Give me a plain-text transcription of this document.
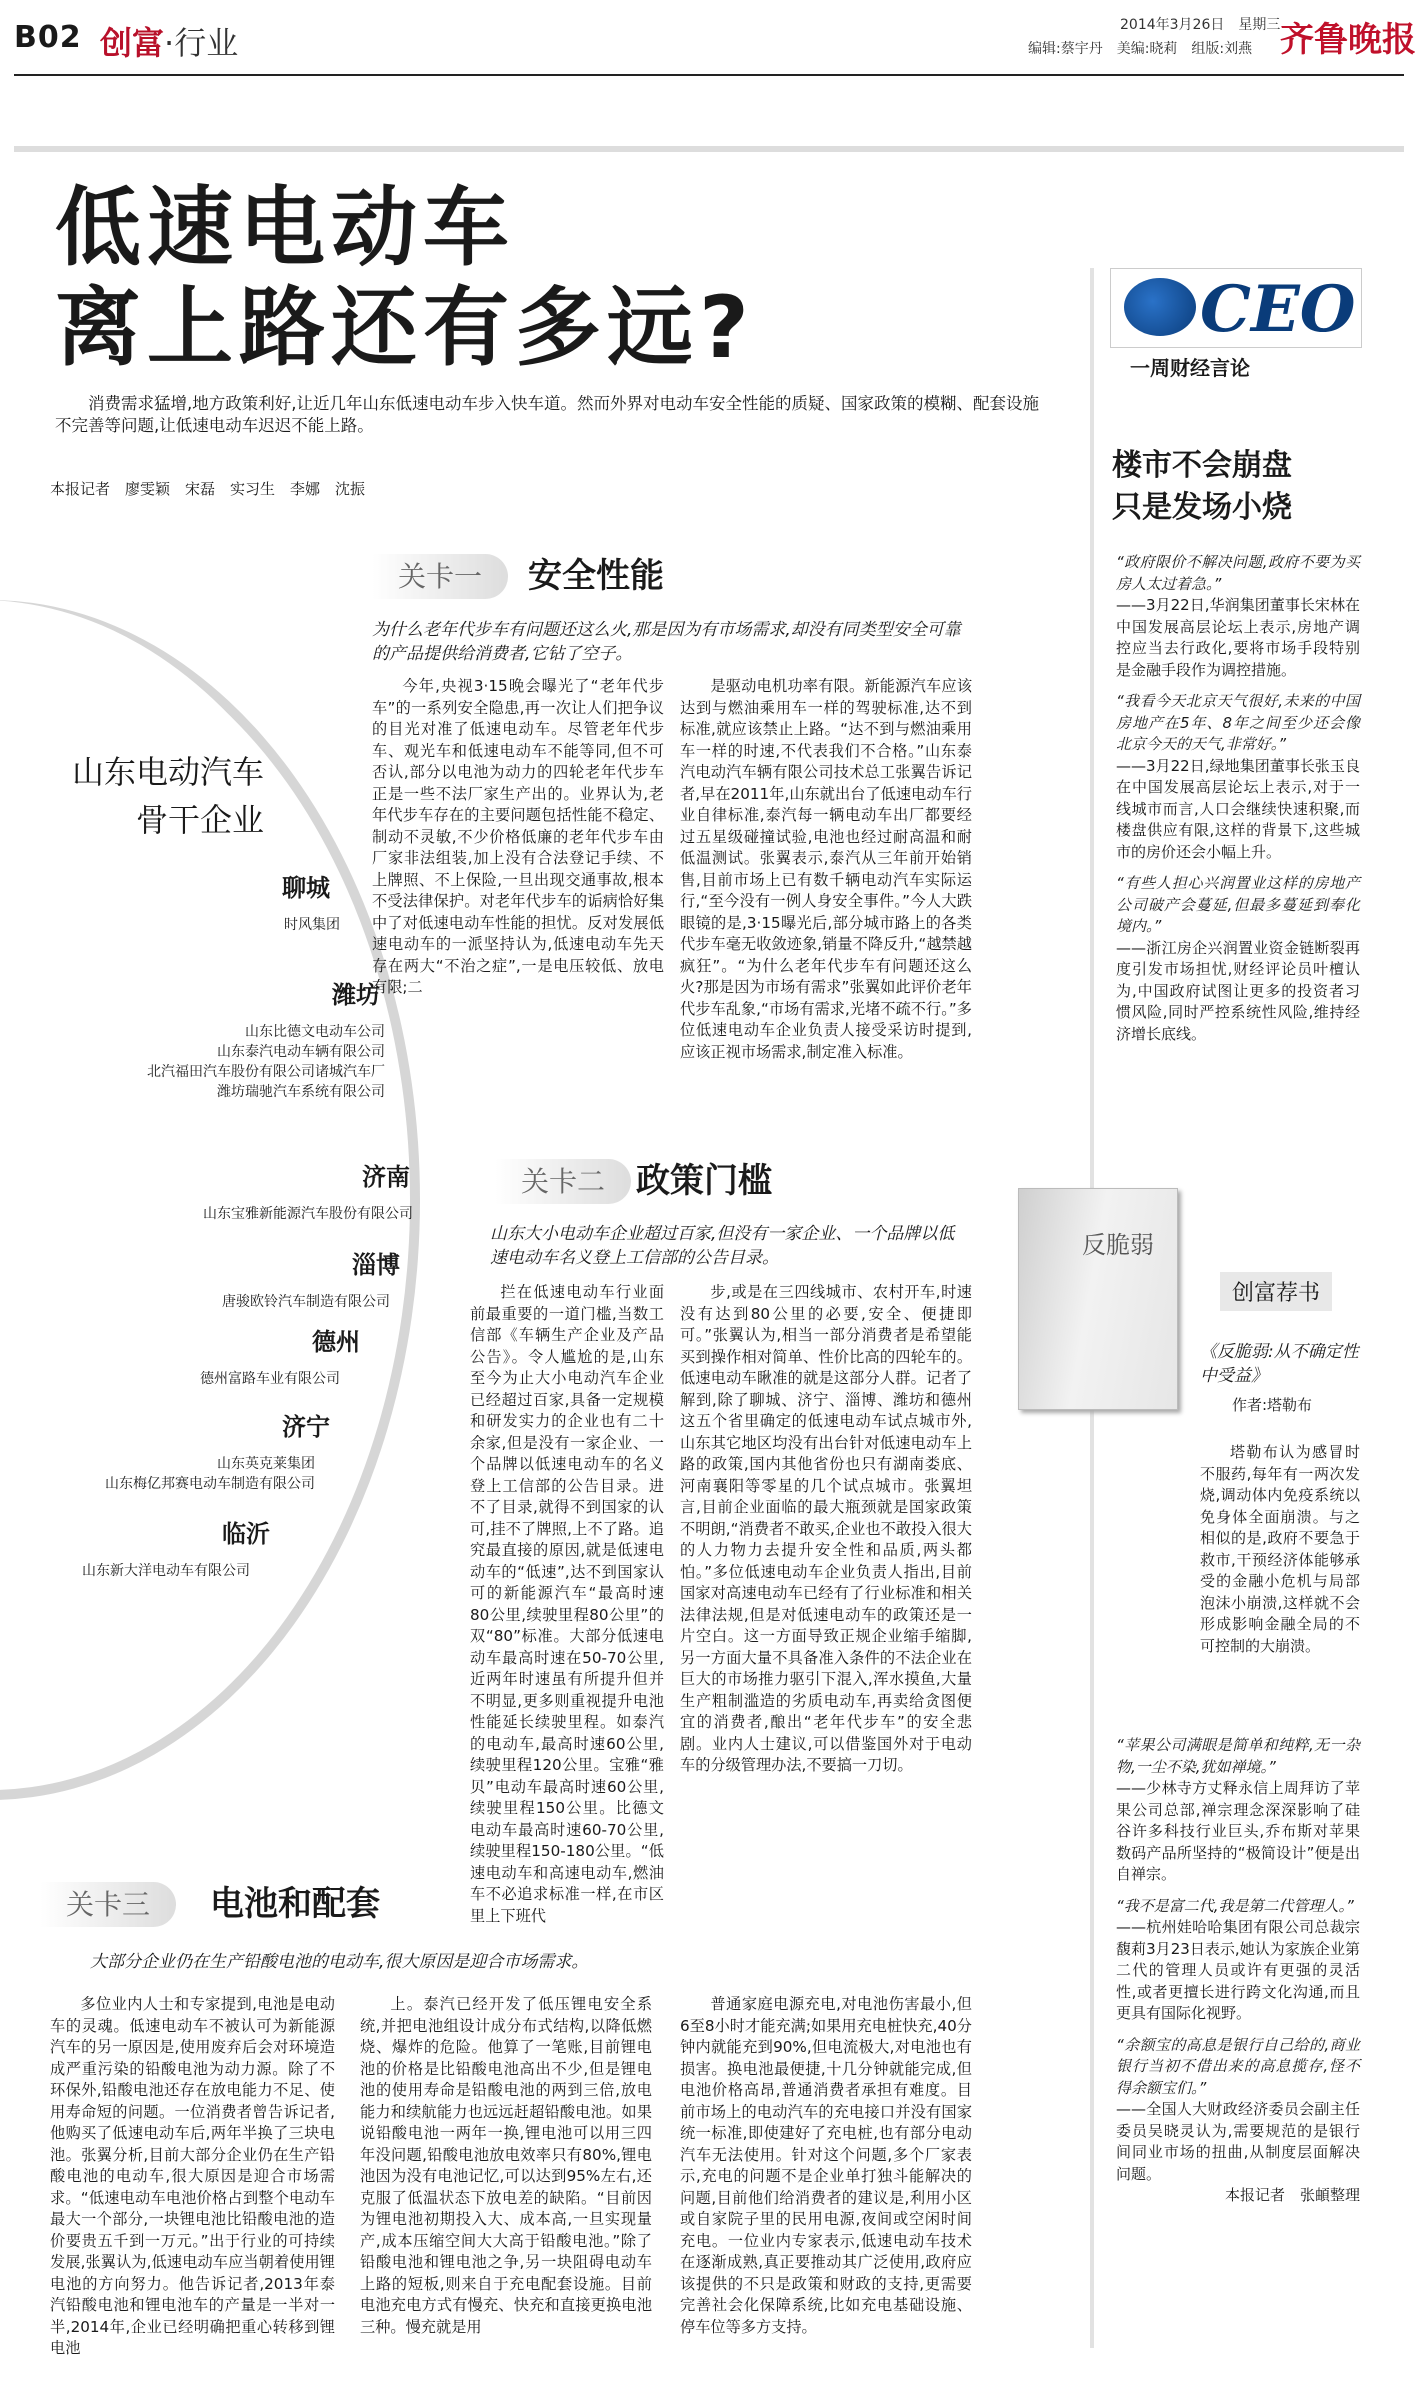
B02 创富·行业	2014年3月26日　星期三
编辑:蔡宇丹　美编:晓莉　组版:刘燕 齐鲁晚报
低速电动车
离上路还有多远?
消费需求猛增,地方政策利好,让近几年山东低速电动车步入快车道。然而外界对电动车安全性能的质疑、国家政策的模糊、配套设施不完善等问题,让低速电动车迟迟不能上路。
本报记者　廖雯颖　宋磊　实习生　李娜　沈振
山东电动汽车
骨干企业
聊城
时风集团
潍坊
山东比德文电动车公司
山东泰汽电动车辆有限公司
北汽福田汽车股份有限公司诸城汽车厂
潍坊瑞驰汽车系统有限公司
济南
山东宝雅新能源汽车股份有限公司
淄博
唐骏欧铃汽车制造有限公司
德州
德州富路车业有限公司
济宁
山东英克莱集团
山东梅亿邦赛电动车制造有限公司
临沂
山东新大洋电动车有限公司
关卡一	安全性能
为什么老年代步车有问题还这么火,那是因为有市场需求,却没有同类型安全可靠的产品提供给消费者,它钻了空子。

今年,央视3·15晚会曝光了“老年代步车”的一系列安全隐患,再一次让人们把争议的目光对准了低速电动车。尽管老年代步车、观光车和低速电动车不能等同,但不可否认,部分以电池为动力的四轮老年代步车正是一些不法厂家生产出的。业界认为,老年代步车存在的主要问题包括性能不稳定、制动不灵敏,不少价格低廉的老年代步车由厂家非法组装,加上没有合法登记手续、不上牌照、不上保险,一旦出现交通事故,根本不受法律保护。对老年代步车的诟病恰好集中了对低速电动车性能的担忧。反对发展低速电动车的一派坚持认为,低速电动车先天存在两大“不治之症”,一是电压较低、放电有限;二

是驱动电机功率有限。新能源汽车应该达到与燃油乘用车一样的驾驶标准,达不到标准,就应该禁止上路。“达不到与燃油乘用车一样的时速,不代表我们不合格。”山东泰汽电动汽车辆有限公司技术总工张翼告诉记者,早在2011年,山东就出台了低速电动车行业自律标准,泰汽每一辆电动车出厂都要经过五星级碰撞试验,电池也经过耐高温和耐低温测试。张翼表示,泰汽从三年前开始销售,目前市场上已有数千辆电动汽车实际运行,“至今没有一例人身安全事件。”今人大跌眼镜的是,3·15曝光后,部分城市路上的各类代步车毫无收敛迹象,销量不降反升,“越禁越疯狂”。“为什么老年代步车有问题还这么火?那是因为市场有需求”张翼如此评价老年代步车乱象,“市场有需求,光堵不疏不行。”多位低速电动车企业负责人接受采访时提到,应该正视市场需求,制定准入标准。

关卡二 政策门槛
山东大小电动车企业超过百家,但没有一家企业、一个品牌以低速电动车名义登上工信部的公告目录。

拦在低速电动车行业面前最重要的一道门槛,当数工信部《车辆生产企业及产品公告》。令人尴尬的是,山东至今为止大小电动汽车企业已经超过百家,具备一定规模和研发实力的企业也有二十余家,但是没有一家企业、一个品牌以低速电动车的名义登上工信部的公告目录。进不了目录,就得不到国家的认可,挂不了牌照,上不了路。追究最直接的原因,就是低速电动车的“低速”,达不到国家认可的新能源汽车“最高时速80公里,续驶里程80公里”的双“80”标准。大部分低速电动车最高时速在50-70公里,近两年时速虽有所提升但并不明显,更多则重视提升电池性能延长续驶里程。如泰汽的电动车,最高时速60公里,续驶里程120公里。宝雅“雅贝”电动车最高时速60公里,续驶里程150公里。比德文电动车最高时速60-70公里,续驶里程150-180公里。“低速电动车和高速电动车,燃油车不必追求标准一样,在市区里上下班代

步,或是在三四线城市、农村开车,时速没有达到80公里的必要,安全、便捷即可。”张翼认为,相当一部分消费者是希望能买到操作相对简单、性价比高的四轮车的。低速电动车瞅准的就是这部分人群。记者了解到,除了聊城、济宁、淄博、潍坊和德州这五个省里确定的低速电动车试点城市外,山东其它地区均没有出台针对低速电动车上路的政策,国内其他省份也只有湖南娄底、河南襄阳等零星的几个试点城市。张翼坦言,目前企业面临的最大瓶颈就是国家政策不明朗,“消费者不敢买,企业也不敢投入很大的人力物力去提升安全性和品质,两头都怕。”多位低速电动车企业负责人指出,目前国家对高速电动车已经有了行业标准和相关法律法规,但是对低速电动车的政策还是一片空白。这一方面导致正规企业缩手缩脚,另一方面大量不具备准入条件的不法企业在巨大的市场推力驱引下混入,浑水摸鱼,大量生产粗制滥造的劣质电动车,再卖给贪图便宜的消费者,酿出“老年代步车”的安全悲剧。业内人士建议,可以借鉴国外对于电动车的分级管理办法,不要搞一刀切。

关卡三	电池和配套
大部分企业仍在生产铅酸电池的电动车,很大原因是迎合市场需求。

多位业内人士和专家提到,电池是电动车的灵魂。低速电动车不被认可为新能源汽车的另一原因是,使用废弃后会对环境造成严重污染的铅酸电池为动力源。除了不环保外,铅酸电池还存在放电能力不足、使用寿命短的问题。一位消费者曾告诉记者,他购买了低速电动车后,两年半换了三块电池。张翼分析,目前大部分企业仍在生产铅酸电池的电动车,很大原因是迎合市场需求。“低速电动车电池价格占到整个电动车最大一个部分,一块锂电池比铅酸电池的造价要贵五千到一万元。”出于行业的可持续发展,张翼认为,低速电动车应当朝着使用锂电池的方向努力。他告诉记者,2013年泰汽铅酸电池和锂电池车的产量是一半对一半,2014年,企业已经明确把重心转移到锂电池

上。泰汽已经开发了低压锂电安全系统,并把电池组设计成分布式结构,以降低燃烧、爆炸的危险。他算了一笔账,目前锂电池的价格是比铅酸电池高出不少,但是锂电池的使用寿命是铅酸电池的两到三倍,放电能力和续航能力也远远赶超铅酸电池。如果说铅酸电池一两年一换,锂电池可以用三四年没问题,铅酸电池放电效率只有80%,锂电池因为没有电池记忆,可以达到95%左右,还克服了低温状态下放电差的缺陷。“目前因为锂电池初期投入大、成本高,一旦实现量产,成本压缩空间大大高于铅酸电池。”除了铅酸电池和锂电池之争,另一块阻碍电动车上路的短板,则来自于充电配套设施。目前电池充电方式有慢充、快充和直接更换电池三种。慢充就是用

普通家庭电源充电,对电池伤害最小,但6至8小时才能充满;如果用充电桩快充,40分钟内就能充到90%,但电流极大,对电池也有损害。换电池最便捷,十几分钟就能完成,但电池价格高昂,普通消费者承担有难度。目前市场上的电动汽车的充电接口并没有国家统一标准,即使建好了充电桩,也有部分电动汽车无法使用。针对这个问题,多个厂家表示,充电的问题不是企业单打独斗能解决的问题,目前他们给消费者的建议是,利用小区或自家院子里的民用电源,夜间或空闲时间充电。一位业内专家表示,低速电动车技术在逐渐成熟,真正要推动其广泛使用,政府应该提供的不只是政策和财政的支持,更需要完善社会化保障系统,比如充电基础设施、停车位等多方支持。

CEO
一周财经言论
楼市不会崩盘
只是发场小烧

“政府限价不解决问题,政府不要为买房人太过着急。”

——3月22日,华润集团董事长宋林在中国发展高层论坛上表示,房地产调控应当去行政化,要将市场手段特别是金融手段作为调控措施。

“我看今天北京天气很好,未来的中国房地产在5年、8年之间至少还会像北京今天的天气,非常好。”

——3月22日,绿地集团董事长张玉良在中国发展高层论坛上表示,对于一线城市而言,人口会继续快速积聚,而楼盘供应有限,这样的背景下,这些城市的房价还会小幅上升。

“有些人担心兴润置业这样的房地产公司破产会蔓延,但最多蔓延到奉化境内。”

——浙江房企兴润置业资金链断裂再度引发市场担忧,财经评论员叶檀认为,中国政府试图让更多的投资者习惯风险,同时严控系统性风险,维持经济增长底线。

反脆弱
创富荐书
《反脆弱:从不确定性中受益》
作者:塔勒布

塔勒布认为感冒时不服药,每年有一两次发烧,调动体内免疫系统以免身体全面崩溃。与之相似的是,政府不要急于救市,干预经济体能够承受的金融小危机与局部泡沫小崩溃,这样就不会形成影响金融全局的不可控制的大崩溃。

“苹果公司满眼是简单和纯粹,无一杂物,一尘不染,犹如禅境。”

——少林寺方丈释永信上周拜访了苹果公司总部,禅宗理念深深影响了硅谷许多科技行业巨头,乔布斯对苹果数码产品所坚持的“极简设计”便是出自禅宗。

“我不是富二代,我是第二代管理人。”

——杭州娃哈哈集团有限公司总裁宗馥莉3月23日表示,她认为家族企业第二代的管理人员或许有更强的灵活性,或者更擅长进行跨文化沟通,而且更具有国际化视野。

“余额宝的高息是银行自己给的,商业银行当初不借出来的高息揽存,怪不得余额宝们。”

——全国人大财政经济委员会副主任委员吴晓灵认为,需要规范的是银行间同业市场的扭曲,从制度层面解决问题。

本报记者　张頔整理
